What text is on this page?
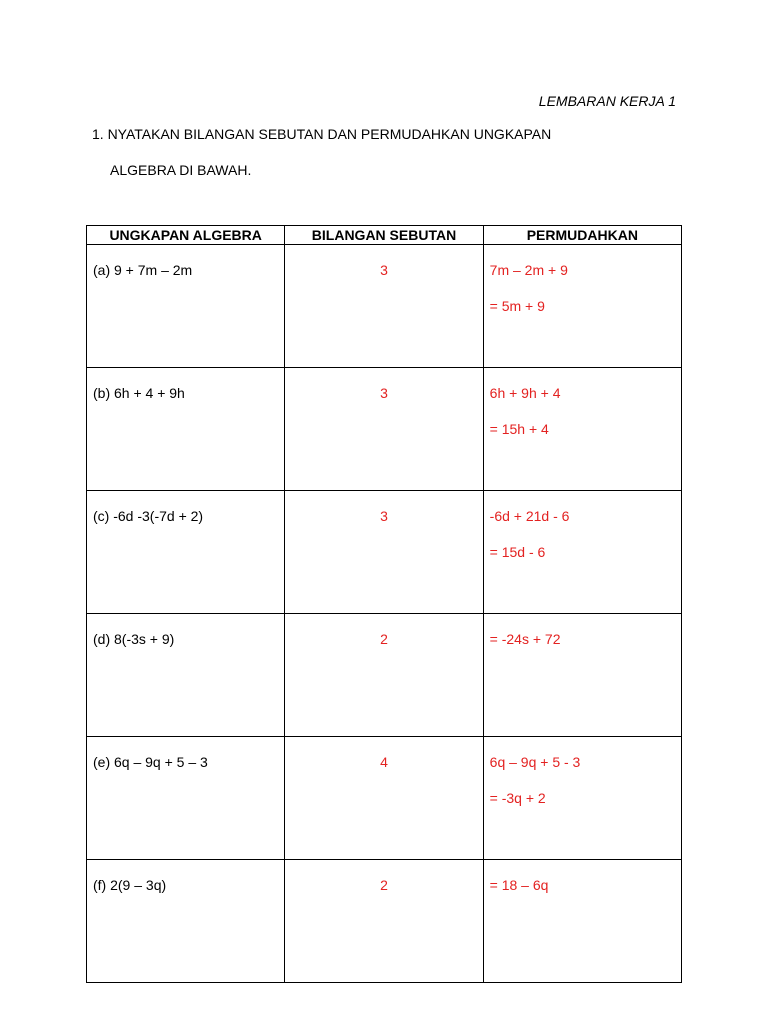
LEMBARAN KERJA 1
1. NYATAKAN BILANGAN SEBUTAN DAN PERMUDAHKAN UNGKAPAN
ALGEBRA DI BAWAH.
UNGKAPAN ALGEBRA	BILANGAN SEBUTAN	PERMUDAHKAN

(a) 9 + 7m – 2m	3	7m – 2m + 9
= 5m + 9

(b) 6h + 4 + 9h	3	6h + 9h + 4
= 15h + 4

(c) -6d -3(-7d + 2)	3	-6d + 21d - 6
= 15d - 6

(d) 8(-3s + 9)	2	= -24s + 72

(e) 6q – 9q + 5 – 3	4	6q – 9q + 5 - 3
= -3q + 2

(f) 2(9 – 3q)	2	= 18 – 6q
